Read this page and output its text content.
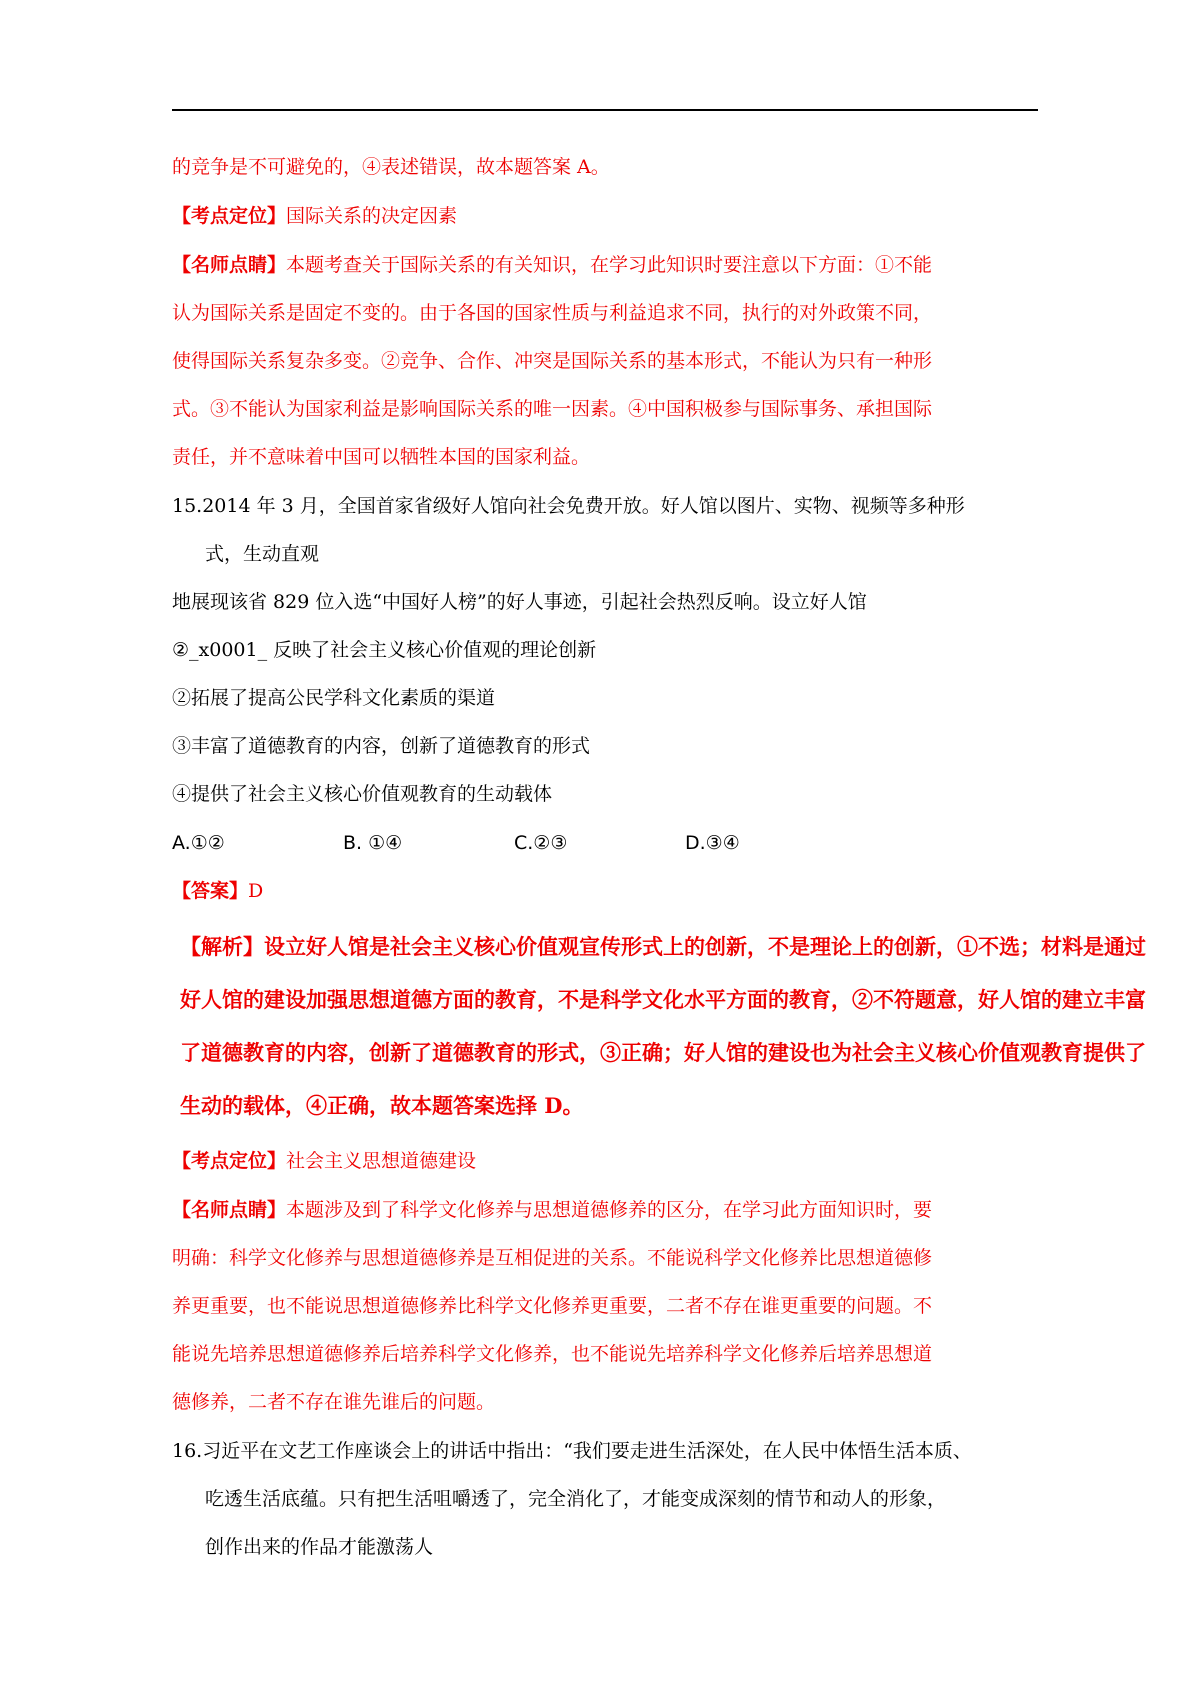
的竞争是不可避免的，④表述错误，故本题答案 A。
【考点定位】国际关系的决定因素
【名师点睛】本题考查关于国际关系的有关知识，在学习此知识时要注意以下方面：①不能
认为国际关系是固定不变的。由于各国的国家性质与利益追求不同，执行的对外政策不同，
使得国际关系复杂多变。②竞争、合作、冲突是国际关系的基本形式，不能认为只有一种形
式。③不能认为国家利益是影响国际关系的唯一因素。④中国积极参与国际事务、承担国际
责任，并不意味着中国可以牺牲本国的国家利益。
15.2014 年 3 月，全国首家省级好人馆向社会免费开放。好人馆以图片、实物、视频等多种形
式，生动直观
地展现该省 829 位入选“中国好人榜”的好人事迹，引起社会热烈反响。设立好人馆
②_x0001_ 反映了社会主义核心价值观的理论创新
②拓展了提高公民学科文化素质的渠道
③丰富了道德教育的内容，创新了道德教育的形式
④提供了社会主义核心价值观教育的生动载体
A.①②	B. ①④	C.②③	D.③④
【答案】D
【解析】设立好人馆是社会主义核心价值观宣传形式上的创新，不是理论上的创新，①不选；材料是通过
好人馆的建设加强思想道德方面的教育，不是科学文化水平方面的教育，②不符题意，好人馆的建立丰富
了道德教育的内容，创新了道德教育的形式，③正确；好人馆的建设也为社会主义核心价值观教育提供了
生动的载体，④正确，故本题答案选择 D。
【考点定位】社会主义思想道德建设
【名师点睛】本题涉及到了科学文化修养与思想道德修养的区分，在学习此方面知识时，要
明确：科学文化修养与思想道德修养是互相促进的关系。不能说科学文化修养比思想道德修
养更重要，也不能说思想道德修养比科学文化修养更重要，二者不存在谁更重要的问题。不
能说先培养思想道德修养后培养科学文化修养，也不能说先培养科学文化修养后培养思想道
德修养，二者不存在谁先谁后的问题。
16.习近平在文艺工作座谈会上的讲话中指出：“我们要走进生活深处，在人民中体悟生活本质、
吃透生活底蕴。只有把生活咀嚼透了，完全消化了，才能变成深刻的情节和动人的形象，
创作出来的作品才能激荡人
